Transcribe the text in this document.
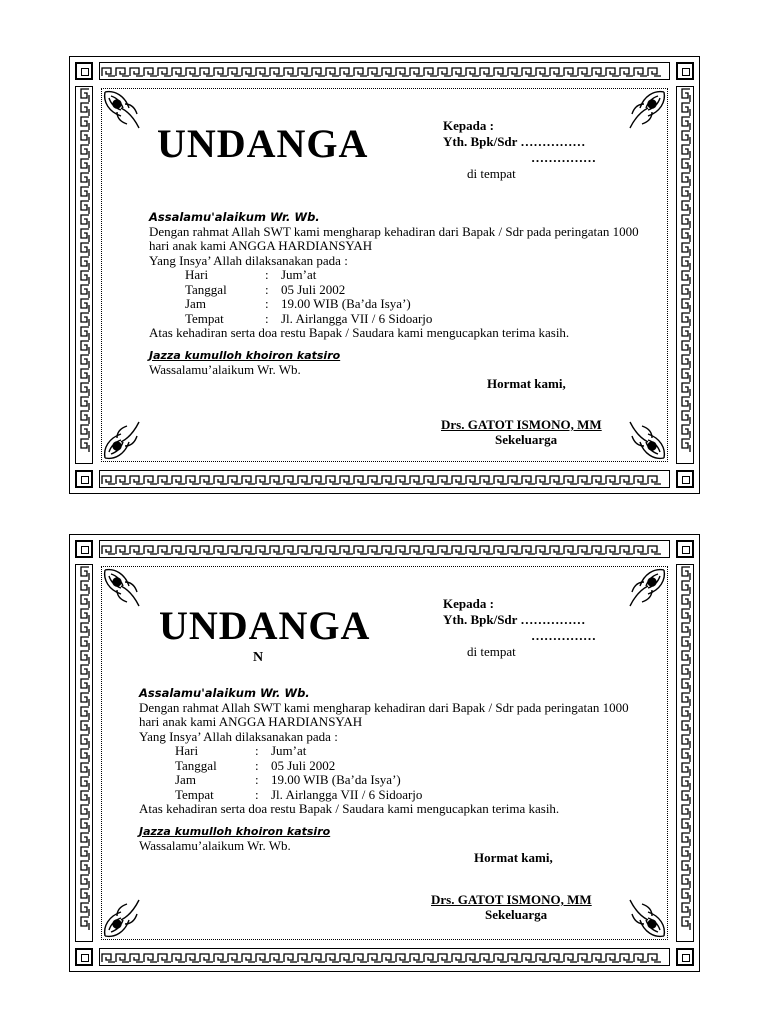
UNDANGA	Kepada :
Yth. Bpk/Sdr ……………
……………
di tempat
Assalamu'alaikum Wr. Wb.
Dengan rahmat Allah SWT kami mengharap kehadiran dari Bapak / Sdr pada peringatan 1000 hari anak kami ANGGA HARDIANSYAH
Yang Insya’ Allah dilaksanakan pada :
Hari	: Jum’at
Tanggal	: 05 Juli 2002
Jam	: 19.00 WIB (Ba’da Isya’)
Tempat	: Jl. Airlangga VII / 6 Sidoarjo
Atas kehadiran serta doa restu Bapak / Saudara kami mengucapkan terima kasih.
Jazza kumulloh khoiron katsiro
Wassalamu’alaikum Wr. Wb.
Hormat kami,
Drs. GATOT ISMONO, MM
Sekeluarga
UNDANGA
N
Kepada :
Yth. Bpk/Sdr ……………
……………
di tempat
Assalamu'alaikum Wr. Wb.
Dengan rahmat Allah SWT kami mengharap kehadiran dari Bapak / Sdr pada peringatan 1000 hari anak kami ANGGA HARDIANSYAH
Yang Insya’ Allah dilaksanakan pada :
Hari	: Jum’at
Tanggal	: 05 Juli 2002
Jam	: 19.00 WIB (Ba’da Isya’)
Tempat	: Jl. Airlangga VII / 6 Sidoarjo
Atas kehadiran serta doa restu Bapak / Saudara kami mengucapkan terima kasih.
Jazza kumulloh khoiron katsiro
Wassalamu’alaikum Wr. Wb.
Hormat kami,
Drs. GATOT ISMONO, MM
Sekeluarga
